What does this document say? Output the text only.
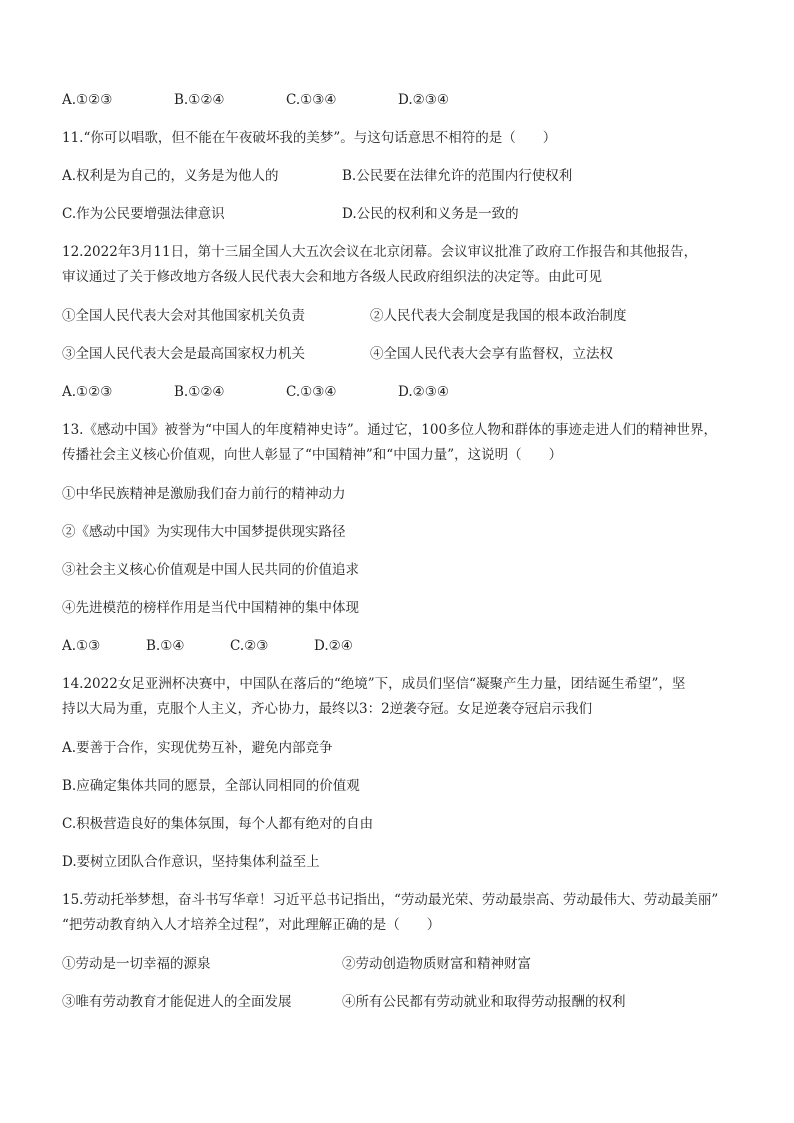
A.①②③	B.①②④	C.①③④	D.②③④
11.“你可以唱歌，但不能在午夜破坏我的美梦”。与这句话意思不相符的是（　　）
A.权利是为自己的，义务是为他人的	B.公民要在法律允许的范围内行使权利
C.作为公民要增强法律意识	D.公民的权利和义务是一致的
12.2022年3月11日，第十三届全国人大五次会议在北京闭幕。会议审议批准了政府工作报告和其他报告，
审议通过了关于修改地方各级人民代表大会和地方各级人民政府组织法的决定等。由此可见
①全国人民代表大会对其他国家机关负责	②人民代表大会制度是我国的根本政治制度
③全国人民代表大会是最高国家权力机关	④全国人民代表大会享有监督权，立法权
A.①②③	B.①②④	C.①③④	D.②③④
13.《感动中国》被誉为“中国人的年度精神史诗”。通过它，100多位人物和群体的事迹走进人们的精神世界，
传播社会主义核心价值观，向世人彰显了“中国精神”和“中国力量”，这说明（　　）
①中华民族精神是激励我们奋力前行的精神动力
②《感动中国》为实现伟大中国梦提供现实路径
③社会主义核心价值观是中国人民共同的价值追求
④先进模范的榜样作用是当代中国精神的集中体现
A.①③	B.①④	C.②③	D.②④
14.2022女足亚洲杯决赛中，中国队在落后的“绝境”下，成员们坚信“凝聚产生力量，团结诞生希望”，坚
持以大局为重，克服个人主义，齐心协力，最终以3：2逆袭夺冠。女足逆袭夺冠启示我们
A.要善于合作，实现优势互补，避免内部竞争
B.应确定集体共同的愿景，全部认同相同的价值观
C.积极营造良好的集体氛围，每个人都有绝对的自由
D.要树立团队合作意识，坚持集体利益至上
15.劳动托举梦想，奋斗书写华章！习近平总书记指出，“劳动最光荣、劳动最崇高、劳动最伟大、劳动最美丽”
“把劳动教育纳入人才培养全过程”，对此理解正确的是（　　）
①劳动是一切幸福的源泉	②劳动创造物质财富和精神财富
③唯有劳动教育才能促进人的全面发展	④所有公民都有劳动就业和取得劳动报酬的权利
